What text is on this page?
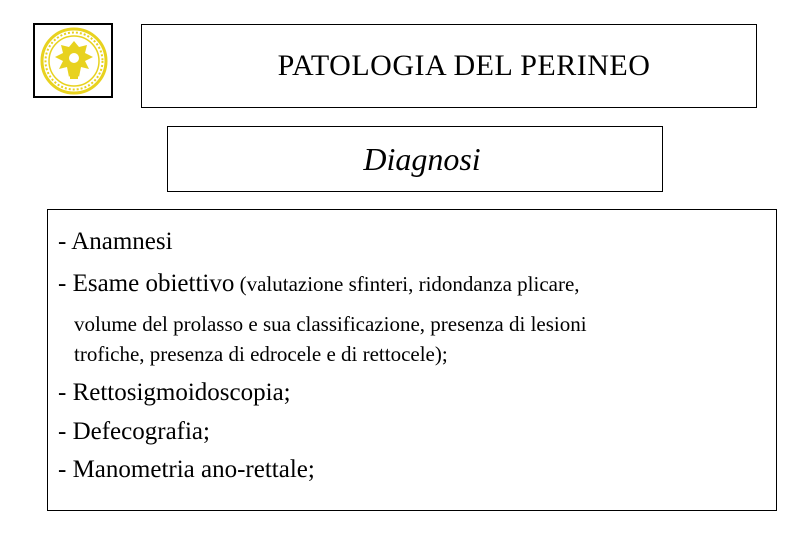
PATOLOGIA DEL PERINEO
Diagnosi
- Anamnesi
- Esame obiettivo (valutazione sfinteri, ridondanza plicare,
volume del prolasso e sua classificazione, presenza di lesioni
trofiche, presenza di edrocele e di rettocele);
- Rettosigmoidoscopia;
- Defecografia;
- Manometria ano-rettale;
